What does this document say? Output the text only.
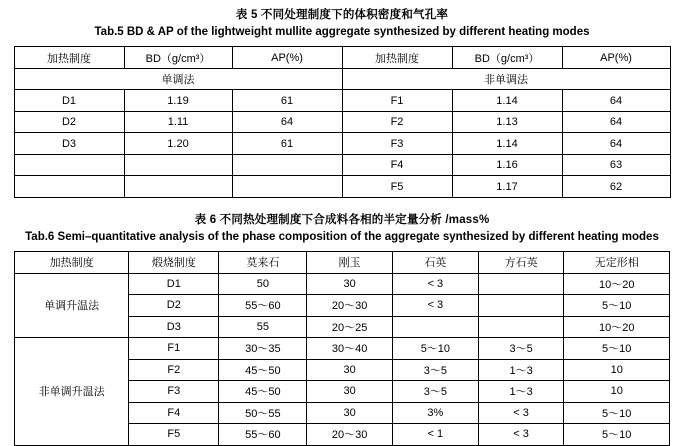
表 5 不同处理制度下的体积密度和气孔率
Tab.5 BD & AP of the lightweight mullite aggregate synthesized by different heating modes
加热制度	BD（g/cm³）	AP(%)	加热制度	BD（g/cm³）	AP(%)
单调法			非单调法		
D1	1.19	61	F1	1.14	64
D2	1.11	64	F2	1.13	64
D3	1.20	61	F3	1.14	64
			F4	1.16	63
			F5	1.17	62
表 6 不同热处理制度下合成料各相的半定量分析 /mass%
Tab.6 Semi–quantitative analysis of the phase composition of the aggregate synthesized by different heating modes
加热制度	煅烧制度	莫来石	刚玉	石英	方石英	无定形相
单调升温法	D1	50	30	< 3		10～20
	D2	55～60	20～30	< 3		5～10
	D3	55	20～25			10～20
非单调升温法	F1	30～35	30～40	5～10	3～5	5～10
	F2	45～50	30	3～5	1～3	10
	F3	45～50	30	3～5	1～3	10
	F4	50～55	30	3%	< 3	5～10
	F5	55～60	20～30	< 1	< 3	5～10
